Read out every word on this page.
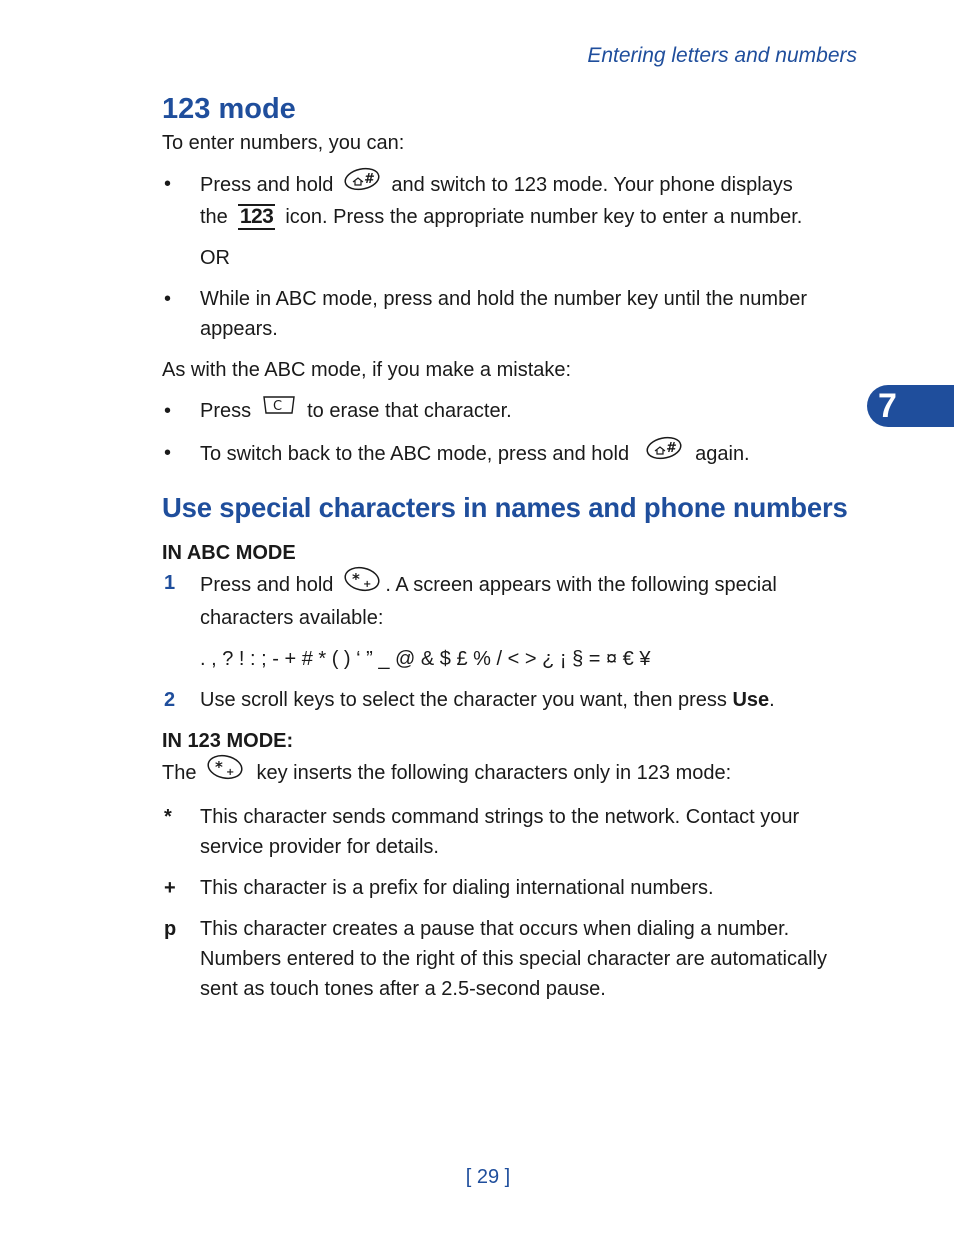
Entering letters and numbers
7
123 mode

To enter numbers, you can:

•	Press and hold # and switch to 123 mode. Your phone displays
the 123 icon. Press the appropriate number key to enter a number.

OR

•	While in ABC mode, press and hold the number key until the number appears.

As with the ABC mode, if you make a mistake:

•	Press C to erase that character.
•	To switch back to the ABC mode, press and hold	# again.
Use special characters in names and phone numbers
IN ABC MODE
1	Press and hold * + . A screen appears with the following special characters available:

. , ? ! : ; - + # * ( ) ‘ ” _ @ & $ £ % / < > ¿ ¡ § = ¤ € ¥

2	Use scroll keys to select the character you want, then press Use.
IN 123 MODE:

The * + key inserts the following characters only in 123 mode:

*	This character sends command strings to the network. Contact your service provider for details.
+	This character is a prefix for dialing international numbers.
p	This character creates a pause that occurs when dialing a number. Numbers entered to the right of this special character are automatically sent as touch tones after a 2.5-second pause.
[ 29 ]
